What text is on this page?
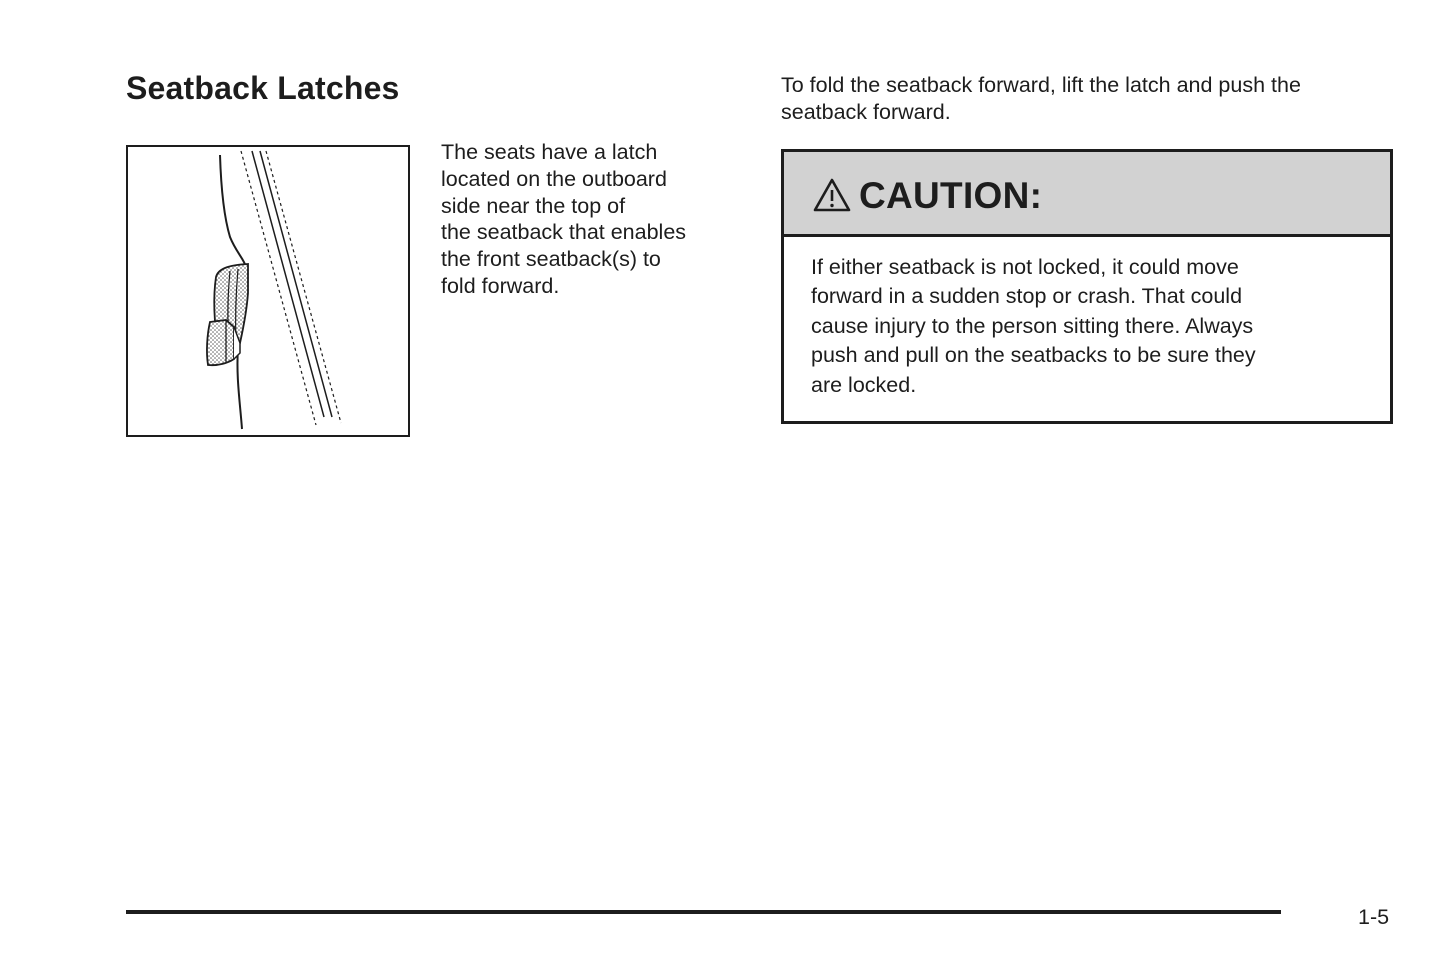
Seatback Latches
The seats have a latch
located on the outboard
side near the top of
the seatback that enables
the front seatback(s) to
fold forward.
To fold the seatback forward, lift the latch and push the
seatback forward.
CAUTION:
If either seatback is not locked, it could move
forward in a sudden stop or crash. That could
cause injury to the person sitting there. Always
push and pull on the seatbacks to be sure they
are locked.
1-5
